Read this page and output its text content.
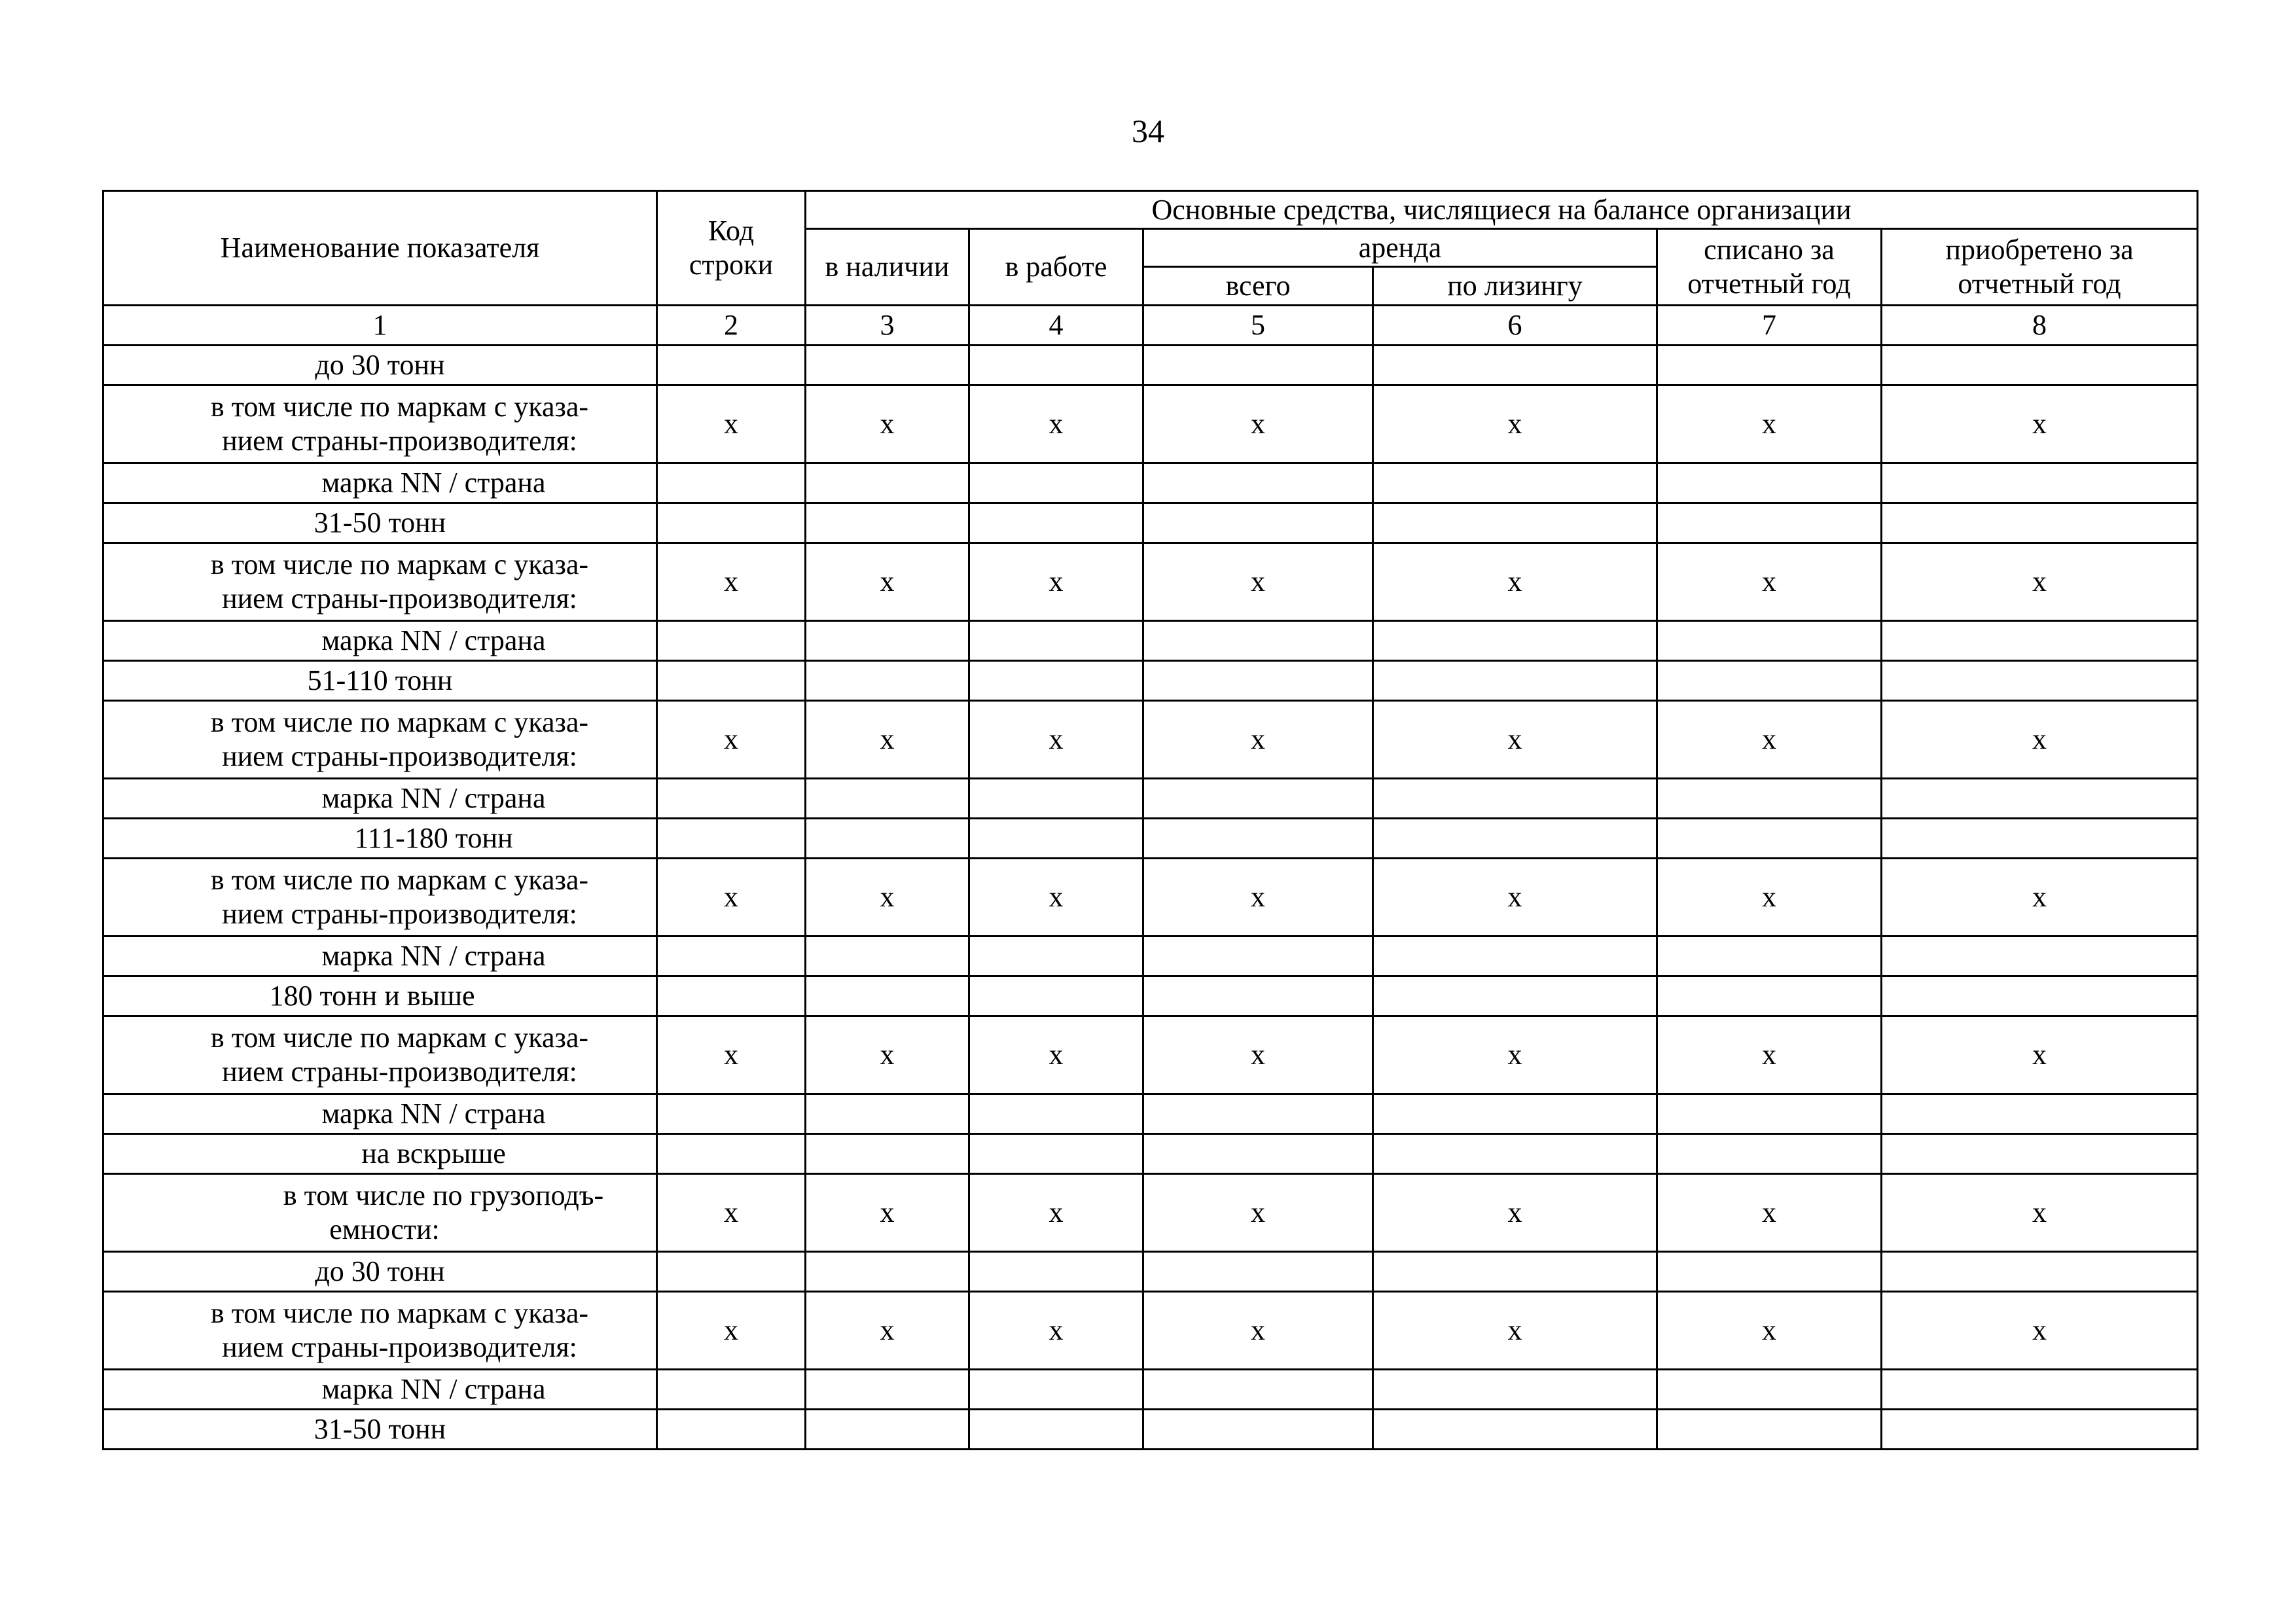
34
Наименование показателя	Код строки	Основные средства, числящиеся на балансе организации					
		в наличии	в работе	аренда		списано за отчетный год	приобретено за отчетный год
				всего	по лизингу		
1	2	3	4	5	6	7	8
до 30 тонн							

в том числе по маркам с указа-
нием страны-производителя:	x	x	x	x	x	x	x
марка NN / страна							
31-50 тонн							

в том числе по маркам с указа-
нием страны-производителя:	x	x	x	x	x	x	x
марка NN / страна							
51-110 тонн							

в том числе по маркам с указа-
нием страны-производителя:	x	x	x	x	x	x	x
марка NN / страна							
111-180 тонн							

в том числе по маркам с указа-
нием страны-производителя:	x	x	x	x	x	x	x
марка NN / страна							
180 тонн и выше							

в том числе по маркам с указа-
нием страны-производителя:	x	x	x	x	x	x	x
марка NN / страна							
на вскрыше							

в том числе по грузоподъ-
емности:	x	x	x	x	x	x	x
до 30 тонн							

в том числе по маркам с указа-
нием страны-производителя:	x	x	x	x	x	x	x
марка NN / страна							
31-50 тонн							
